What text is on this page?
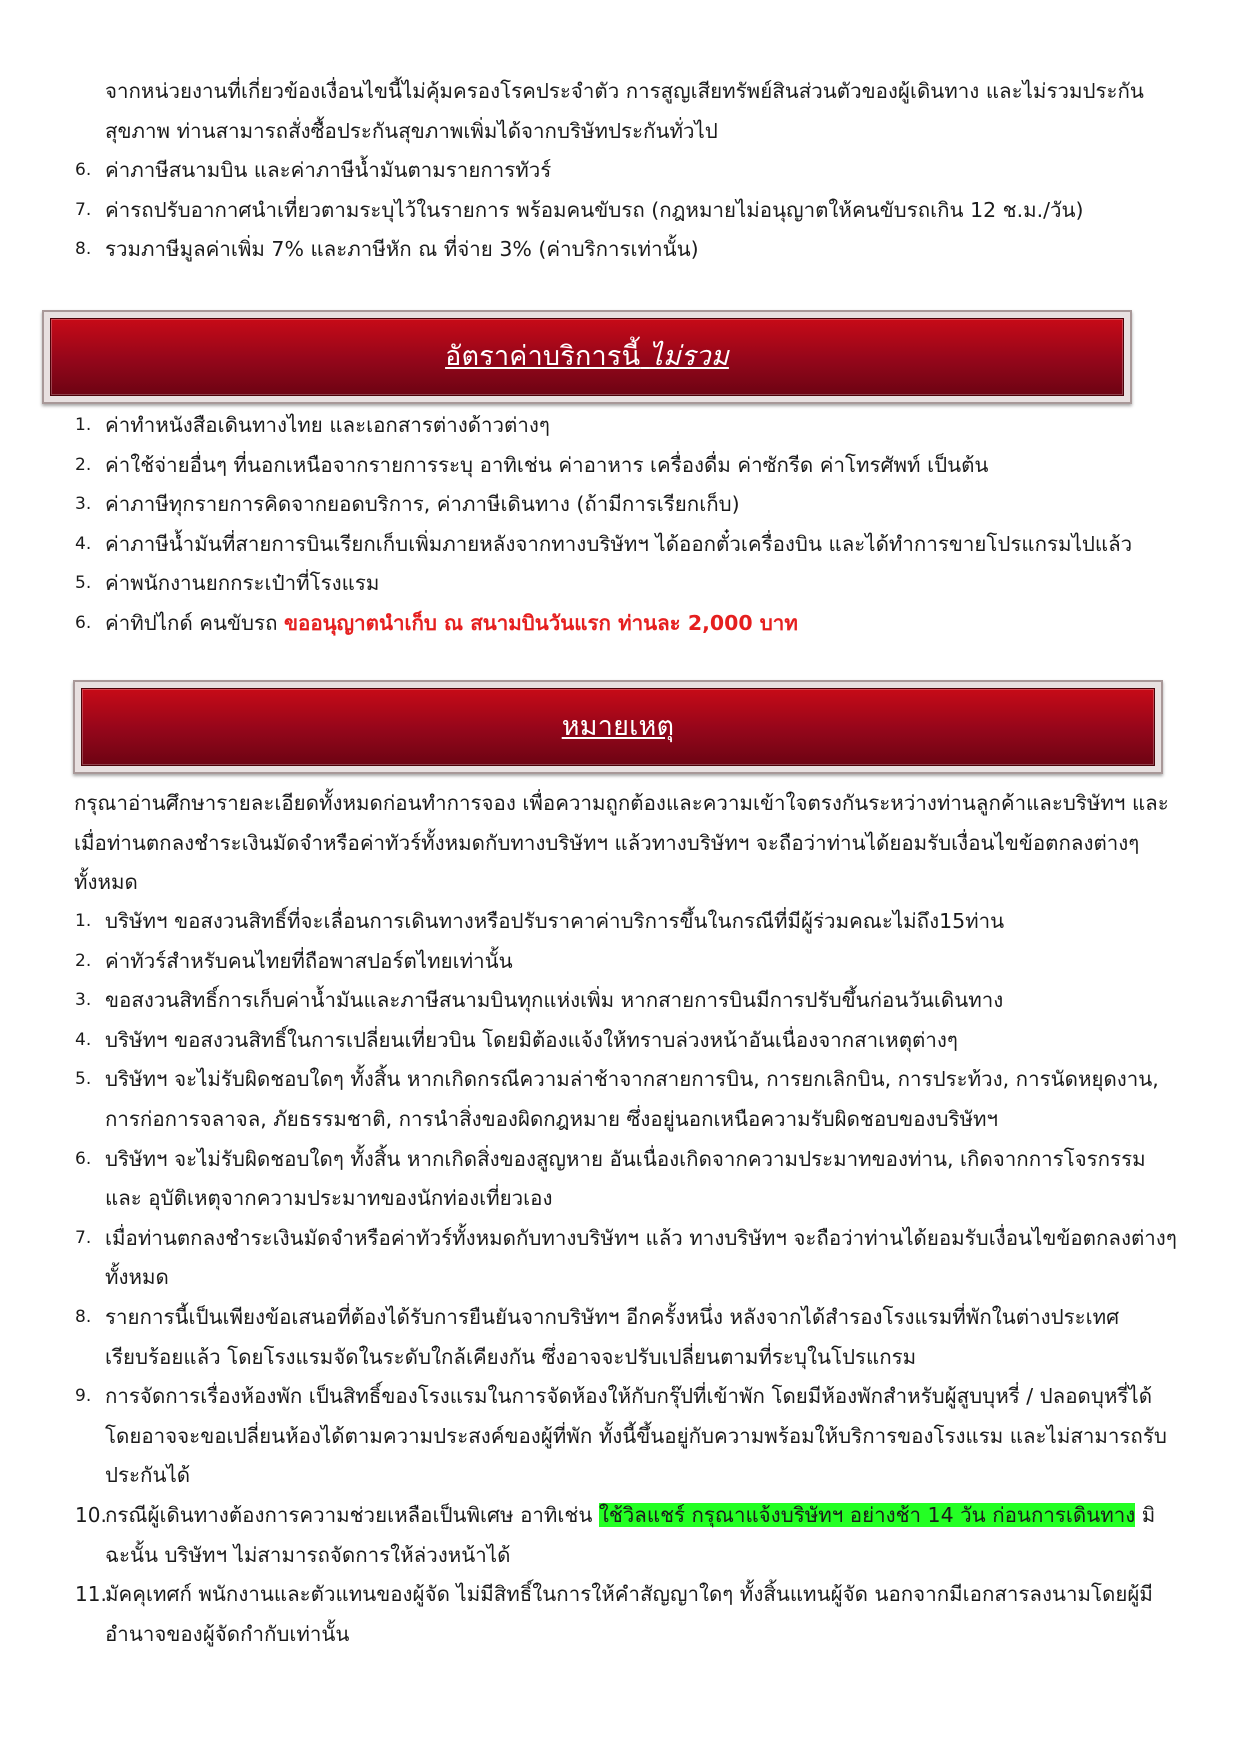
จากหน่วยงานที่เกี่ยวข้องเงื่อนไขนี้ไม่คุ้มครองโรคประจำตัว การสูญเสียทรัพย์สินส่วนตัวของผู้เดินทาง และไม่รวมประกันสุขภาพ ท่านสามารถสั่งซื้อประกันสุขภาพเพิ่มได้จากบริษัทประกันทั่วไป

6. ค่าภาษีสนามบิน และค่าภาษีน้ำมันตามรายการทัวร์
7. ค่ารถปรับอากาศนำเที่ยวตามระบุไว้ในรายการ พร้อมคนขับรถ (กฎหมายไม่อนุญาตให้คนขับรถเกิน 12 ช.ม./วัน)
8. รวมภาษีมูลค่าเพิ่ม 7% และภาษีหัก ณ ที่จ่าย 3% (ค่าบริการเท่านั้น)
อัตราค่าบริการนี้ ไม่รวม
1. ค่าทำหนังสือเดินทางไทย และเอกสารต่างด้าวต่างๆ
2. ค่าใช้จ่ายอื่นๆ ที่นอกเหนือจากรายการระบุ อาทิเช่น ค่าอาหาร เครื่องดื่ม ค่าซักรีด ค่าโทรศัพท์ เป็นต้น
3. ค่าภาษีทุกรายการคิดจากยอดบริการ, ค่าภาษีเดินทาง (ถ้ามีการเรียกเก็บ)
4. ค่าภาษีน้ำมันที่สายการบินเรียกเก็บเพิ่มภายหลังจากทางบริษัทฯ ได้ออกตั๋วเครื่องบิน และได้ทำการขายโปรแกรมไปแล้ว
5. ค่าพนักงานยกกระเป๋าที่โรงแรม
6. ค่าทิปไกด์ คนขับรถ ขออนุญาตนำเก็บ ณ สนามบินวันแรก ท่านละ 2,000 บาท
หมายเหตุ

กรุณาอ่านศึกษารายละเอียดทั้งหมดก่อนทำการจอง เพื่อความถูกต้องและความเข้าใจตรงกันระหว่างท่านลูกค้าและบริษัทฯ และเมื่อท่านตกลงชำระเงินมัดจำหรือค่าทัวร์ทั้งหมดกับทางบริษัทฯ แล้วทางบริษัทฯ จะถือว่าท่านได้ยอมรับเงื่อนไขข้อตกลงต่างๆ ทั้งหมด

1. บริษัทฯ ขอสงวนสิทธิ์ที่จะเลื่อนการเดินทางหรือปรับราคาค่าบริการขึ้นในกรณีที่มีผู้ร่วมคณะไม่ถึง15ท่าน
2. ค่าทัวร์สำหรับคนไทยที่ถือพาสปอร์ตไทยเท่านั้น
3. ขอสงวนสิทธิ์การเก็บค่าน้ำมันและภาษีสนามบินทุกแห่งเพิ่ม หากสายการบินมีการปรับขึ้นก่อนวันเดินทาง
4. บริษัทฯ ขอสงวนสิทธิ์ในการเปลี่ยนเที่ยวบิน โดยมิต้องแจ้งให้ทราบล่วงหน้าอันเนื่องจากสาเหตุต่างๆ
5. บริษัทฯ จะไม่รับผิดชอบใดๆ ทั้งสิ้น หากเกิดกรณีความล่าช้าจากสายการบิน, การยกเลิกบิน, การประท้วง, การนัดหยุดงาน, การก่อการจลาจล, ภัยธรรมชาติ, การนำสิ่งของผิดกฎหมาย ซึ่งอยู่นอกเหนือความรับผิดชอบของบริษัทฯ
6. บริษัทฯ จะไม่รับผิดชอบใดๆ ทั้งสิ้น หากเกิดสิ่งของสูญหาย อันเนื่องเกิดจากความประมาทของท่าน, เกิดจากการโจรกรรม และ อุบัติเหตุจากความประมาทของนักท่องเที่ยวเอง
7. เมื่อท่านตกลงชำระเงินมัดจำหรือค่าทัวร์ทั้งหมดกับทางบริษัทฯ แล้ว ทางบริษัทฯ จะถือว่าท่านได้ยอมรับเงื่อนไขข้อตกลงต่างๆ ทั้งหมด
8. รายการนี้เป็นเพียงข้อเสนอที่ต้องได้รับการยืนยันจากบริษัทฯ อีกครั้งหนึ่ง หลังจากได้สำรองโรงแรมที่พักในต่างประเทศเรียบร้อยแล้ว โดยโรงแรมจัดในระดับใกล้เคียงกัน ซึ่งอาจจะปรับเปลี่ยนตามที่ระบุในโปรแกรม
9. การจัดการเรื่องห้องพัก เป็นสิทธิ์ของโรงแรมในการจัดห้องให้กับกรุ๊ปที่เข้าพัก โดยมีห้องพักสำหรับผู้สูบบุหรี่ / ปลอดบุหรี่ได้ โดยอาจจะขอเปลี่ยนห้องได้ตามความประสงค์ของผู้ที่พัก ทั้งนี้ขึ้นอยู่กับความพร้อมให้บริการของโรงแรม และไม่สามารถรับประกันได้
10.
กรณีผู้เดินทางต้องการความช่วยเหลือเป็นพิเศษ อาทิเช่น ใช้วิลแชร์ กรุณาแจ้งบริษัทฯ อย่างช้า 14 วัน ก่อนการเดินทาง มิฉะนั้น บริษัทฯ ไม่สามารถจัดการให้ล่วงหน้าได้
11.
มัคคุเทศก์ พนักงานและตัวแทนของผู้จัด ไม่มีสิทธิ์ในการให้คำสัญญาใดๆ ทั้งสิ้นแทนผู้จัด นอกจากมีเอกสารลงนามโดยผู้มีอำนาจของผู้จัดกำกับเท่านั้น
